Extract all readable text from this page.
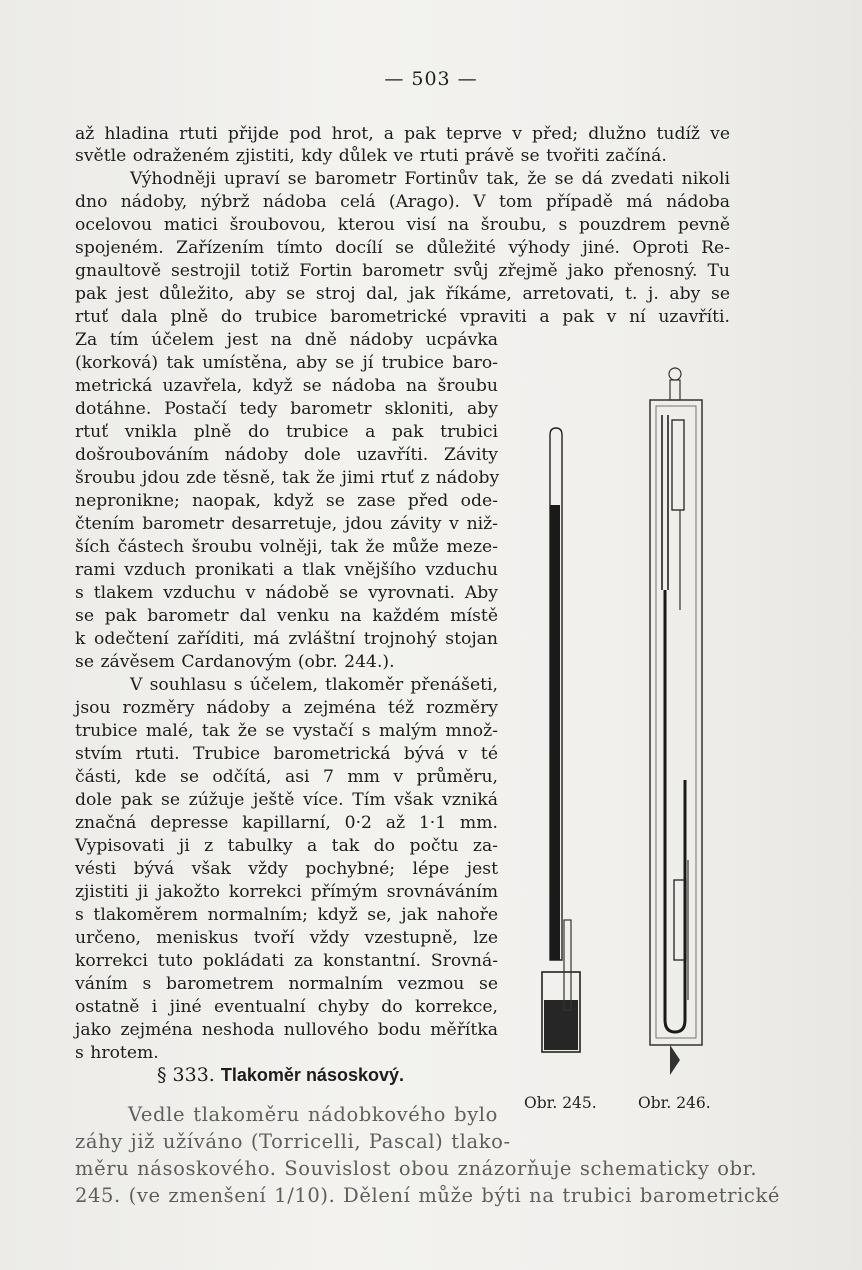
— 503 —
až hladina rtuti přijde pod hrot, a pak teprve v před; dlužno tudíž ve
světle odraženém zjistiti, kdy důlek ve rtuti právě se tvořiti začíná.
Výhodněji upraví se barometr Fortinův tak, že se dá zvedati nikoli
dno nádoby, nýbrž nádoba celá (Arago). V tom případě má nádoba
ocelovou matici šroubovou, kterou visí na šroubu, s pouzdrem pevně
spojeném. Zařízením tímto docílí se důležité výhody jiné. Oproti Re-
gnaultově sestrojil totiž Fortin barometr svůj zřejmě jako přenosný. Tu
pak jest důležito, aby se stroj dal, jak říkáme, arretovati, t. j. aby se
rtuť dala plně do trubice barometrické vpraviti a pak v ní uzavříti.
Za tím účelem jest na dně nádoby ucpávka
(korková) tak umístěna, aby se jí trubice baro-
metrická uzavřela, když se nádoba na šroubu
dotáhne. Postačí tedy barometr skloniti, aby
rtuť vnikla plně do trubice a pak trubici
došroubováním nádoby dole uzavříti. Závity
šroubu jdou zde těsně, tak že jimi rtuť z nádoby
nepronikne; naopak, když se zase před ode-
čtením barometr desarretuje, jdou závity v niž-
ších částech šroubu volněji, tak že může meze-
rami vzduch pronikati a tlak vnějšího vzduchu
s tlakem vzduchu v nádobě se vyrovnati. Aby
se pak barometr dal venku na každém místě
k odečtení zaříditi, má zvláštní trojnohý stojan
se závěsem Cardanovým (obr. 244.).
V souhlasu s účelem, tlakoměr přenášeti,
jsou rozměry nádoby a zejména též rozměry
trubice malé, tak že se vystačí s malým množ-
stvím rtuti. Trubice barometrická bývá v té
části, kde se odčítá, asi 7 mm v průměru,
dole pak se zúžuje ještě více. Tím však vzniká
značná depresse kapillarní, 0·2 až 1·1 mm.
Vypisovati ji z tabulky a tak do počtu za-
vésti bývá však vždy pochybné; lépe jest
zjistiti ji jakožto korrekci přímým srovnáváním
s tlakoměrem normalním; když se, jak nahoře
určeno, meniskus tvoří vždy vzestupně, lze
korrekci tuto pokládati za konstantní. Srovná-
váním s barometrem normalním vezmou se
ostatně i jiné eventualní chyby do korrekce,
jako zejména neshoda nullového bodu měřítka
s hrotem.
§ 333. Tlakoměr násoskový.
Vedle tlakoměru nádobkového bylo
záhy již užíváno (Torricelli, Pascal) tlako-
měru násoskového. Souvislost obou znázorňuje schematicky obr.
245. (ve zmenšení 1/10). Dělení může býti na trubici barometrické
Obr. 245.	Obr. 246.
